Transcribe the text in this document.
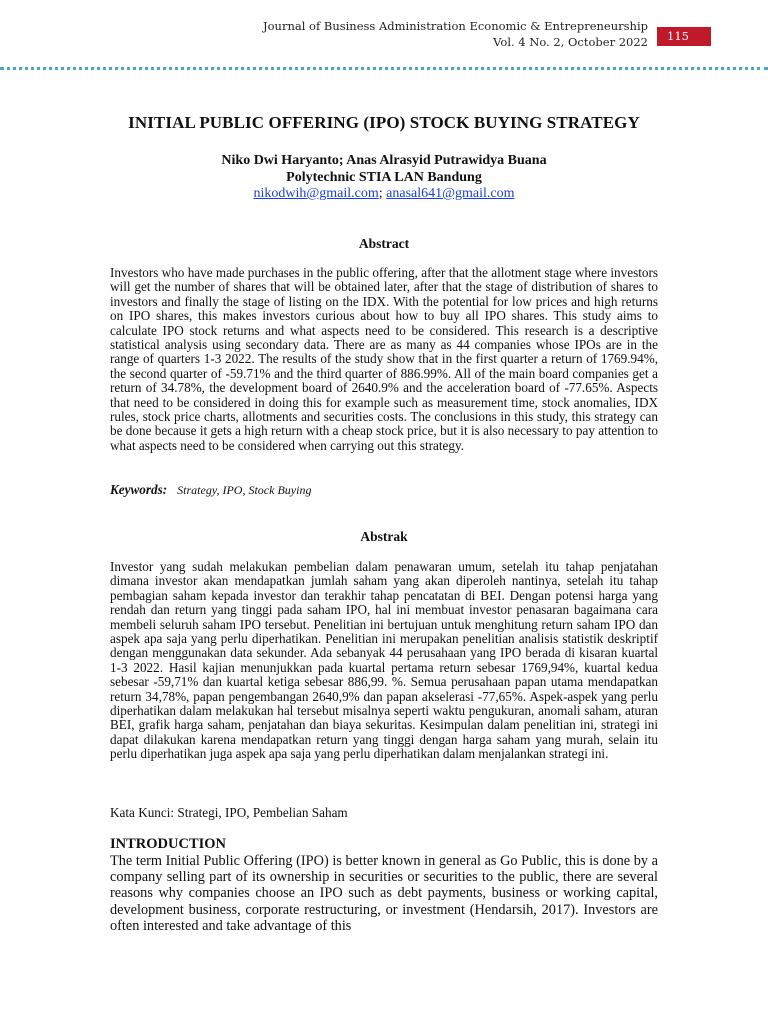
Journal of Business Administration Economic & Entrepreneurship
Vol. 4 No. 2, October 2022	115
INITIAL PUBLIC OFFERING (IPO) STOCK BUYING STRATEGY
Niko Dwi Haryanto; Anas Alrasyid Putrawidya Buana
Polytechnic STIA LAN Bandung
nikodwih@gmail.com; anasal641@gmail.com
Abstract
Investors who have made purchases in the public offering, after that the allotment stage where investors will get the number of shares that will be obtained later, after that the stage of distribution of shares to investors and finally the stage of listing on the IDX. With the potential for low prices and high returns on IPO shares, this makes investors curious about how to buy all IPO shares. This study aims to calculate IPO stock returns and what aspects need to be considered. This research is a descriptive statistical analysis using secondary data. There are as many as 44 companies whose IPOs are in the range of quarters 1-3 2022. The results of the study show that in the first quarter a return of 1769.94%, the second quarter of -59.71% and the third quarter of 886.99%. All of the main board companies get a return of 34.78%, the development board of 2640.9% and the acceleration board of -77.65%. Aspects that need to be considered in doing this for example such as measurement time, stock anomalies, IDX rules, stock price charts, allotments and securities costs. The conclusions in this study, this strategy can be done because it gets a high return with a cheap stock price, but it is also necessary to pay attention to what aspects need to be considered when carrying out this strategy.
Keywords: Strategy, IPO, Stock Buying
Abstrak
Investor yang sudah melakukan pembelian dalam penawaran umum, setelah itu tahap penjatahan dimana investor akan mendapatkan jumlah saham yang akan diperoleh nantinya, setelah itu tahap pembagian saham kepada investor dan terakhir tahap pencatatan di BEI. Dengan potensi harga yang rendah dan return yang tinggi pada saham IPO, hal ini membuat investor penasaran bagaimana cara membeli seluruh saham IPO tersebut. Penelitian ini bertujuan untuk menghitung return saham IPO dan aspek apa saja yang perlu diperhatikan. Penelitian ini merupakan penelitian analisis statistik deskriptif dengan menggunakan data sekunder. Ada sebanyak 44 perusahaan yang IPO berada di kisaran kuartal 1-3 2022. Hasil kajian menunjukkan pada kuartal pertama return sebesar 1769,94%, kuartal kedua sebesar -59,71% dan kuartal ketiga sebesar 886,99. %. Semua perusahaan papan utama mendapatkan return 34,78%, papan pengembangan 2640,9% dan papan akselerasi -77,65%. Aspek-aspek yang perlu diperhatikan dalam melakukan hal tersebut misalnya seperti waktu pengukuran, anomali saham, aturan BEI, grafik harga saham, penjatahan dan biaya sekuritas. Kesimpulan dalam penelitian ini, strategi ini dapat dilakukan karena mendapatkan return yang tinggi dengan harga saham yang murah, selain itu perlu diperhatikan juga aspek apa saja yang perlu diperhatikan dalam menjalankan strategi ini.
Kata Kunci: Strategi, IPO, Pembelian Saham
INTRODUCTION
The term Initial Public Offering (IPO) is better known in general as Go Public, this is done by a company selling part of its ownership in securities or securities to the public, there are several reasons why companies choose an IPO such as debt payments, business or working capital, development business, corporate restructuring, or investment (Hendarsih, 2017). Investors are often interested and take advantage of this
